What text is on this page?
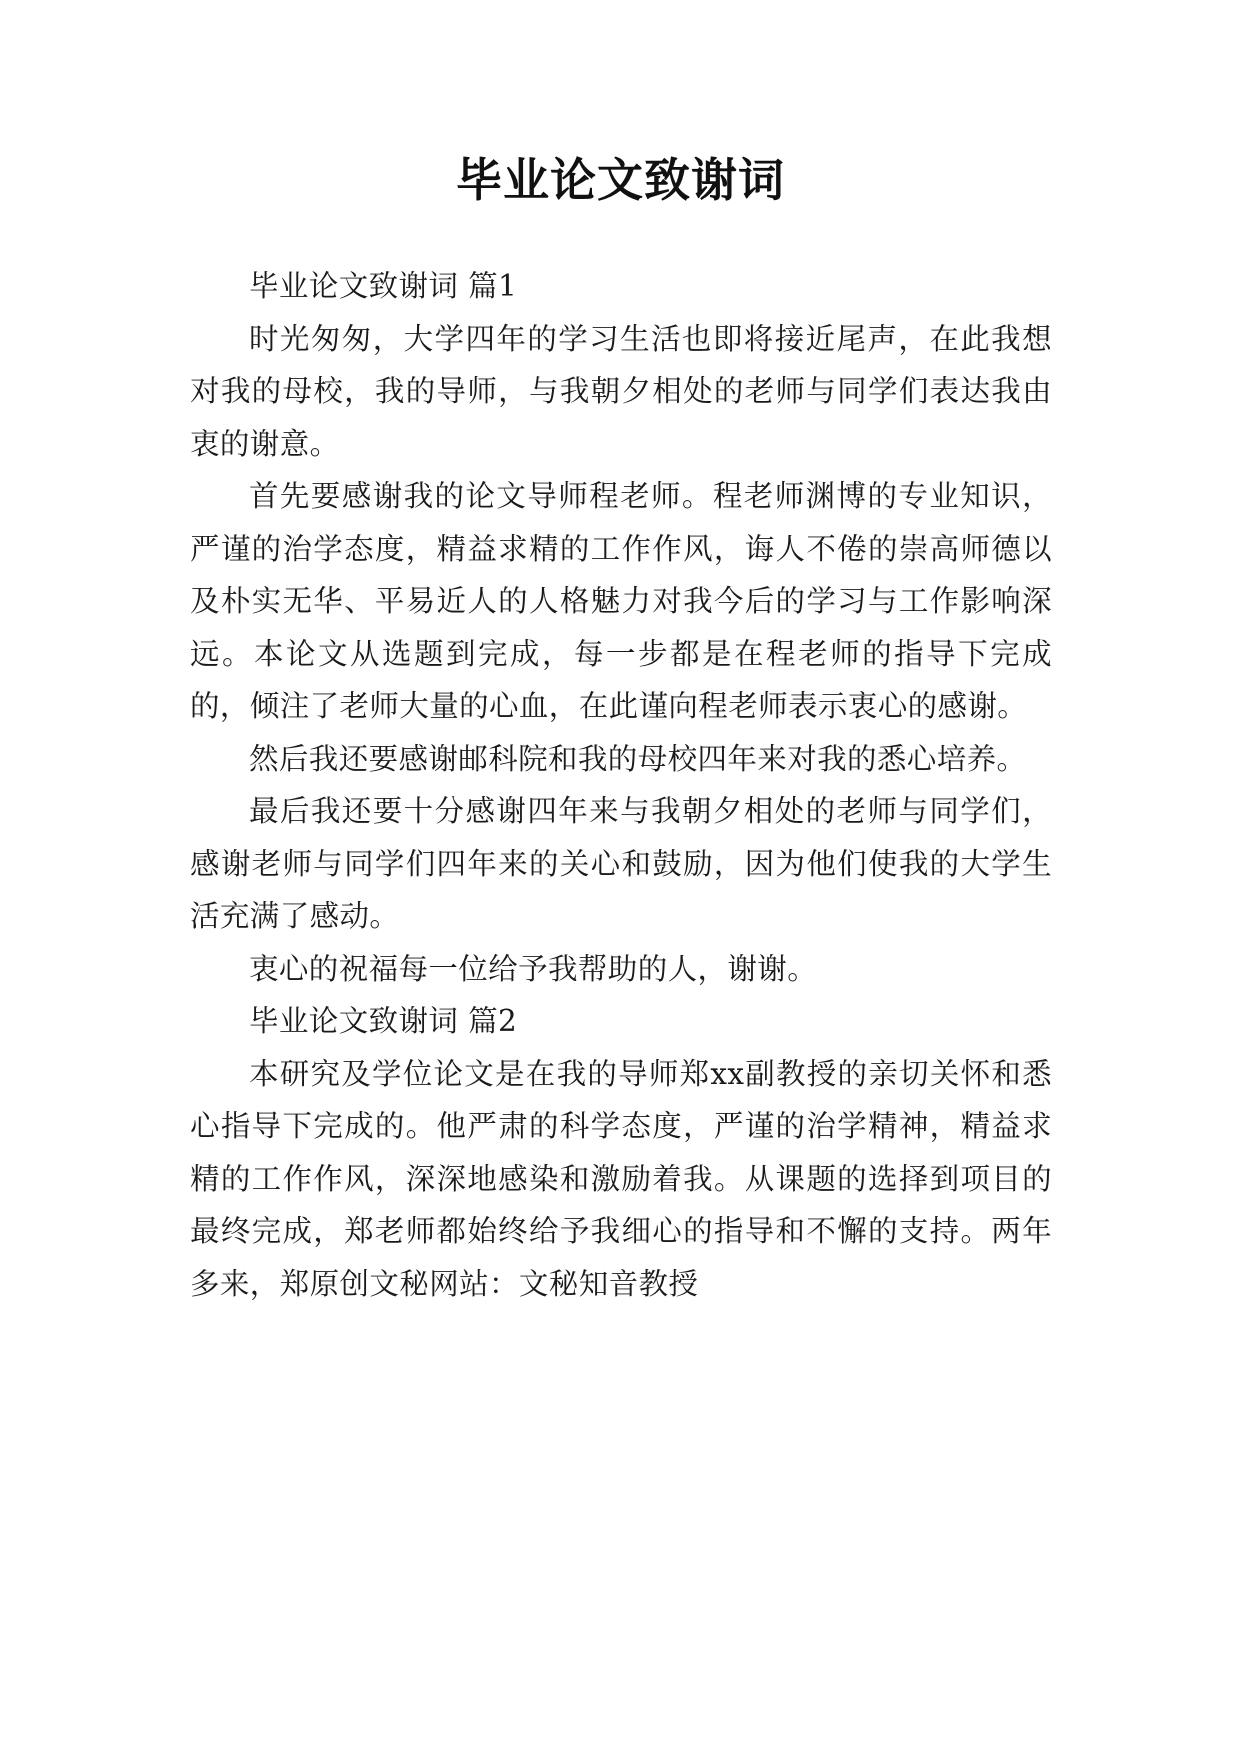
毕业论文致谢词

毕业论文致谢词 篇1

时光匆匆，大学四年的学习生活也即将接近尾声，在此我想对我的母校，我的导师，与我朝夕相处的老师与同学们表达我由衷的谢意。

首先要感谢我的论文导师程老师。程老师渊博的专业知识，严谨的治学态度，精益求精的工作作风，诲人不倦的崇高师德以及朴实无华、平易近人的人格魅力对我今后的学习与工作影响深远。本论文从选题到完成，每一步都是在程老师的指导下完成的，倾注了老师大量的心血，在此谨向程老师表示衷心的感谢。

然后我还要感谢邮科院和我的母校四年来对我的悉心培养。

最后我还要十分感谢四年来与我朝夕相处的老师与同学们，感谢老师与同学们四年来的关心和鼓励，因为他们使我的大学生活充满了感动。

衷心的祝福每一位给予我帮助的人，谢谢。

毕业论文致谢词 篇2

本研究及学位论文是在我的导师郑xx副教授的亲切关怀和悉心指导下完成的。他严肃的科学态度，严谨的治学精神，精益求精的工作作风，深深地感染和激励着我。从课题的选择到项目的最终完成，郑老师都始终给予我细心的指导和不懈的支持。两年多来，郑原创文秘网站：文秘知音教授
